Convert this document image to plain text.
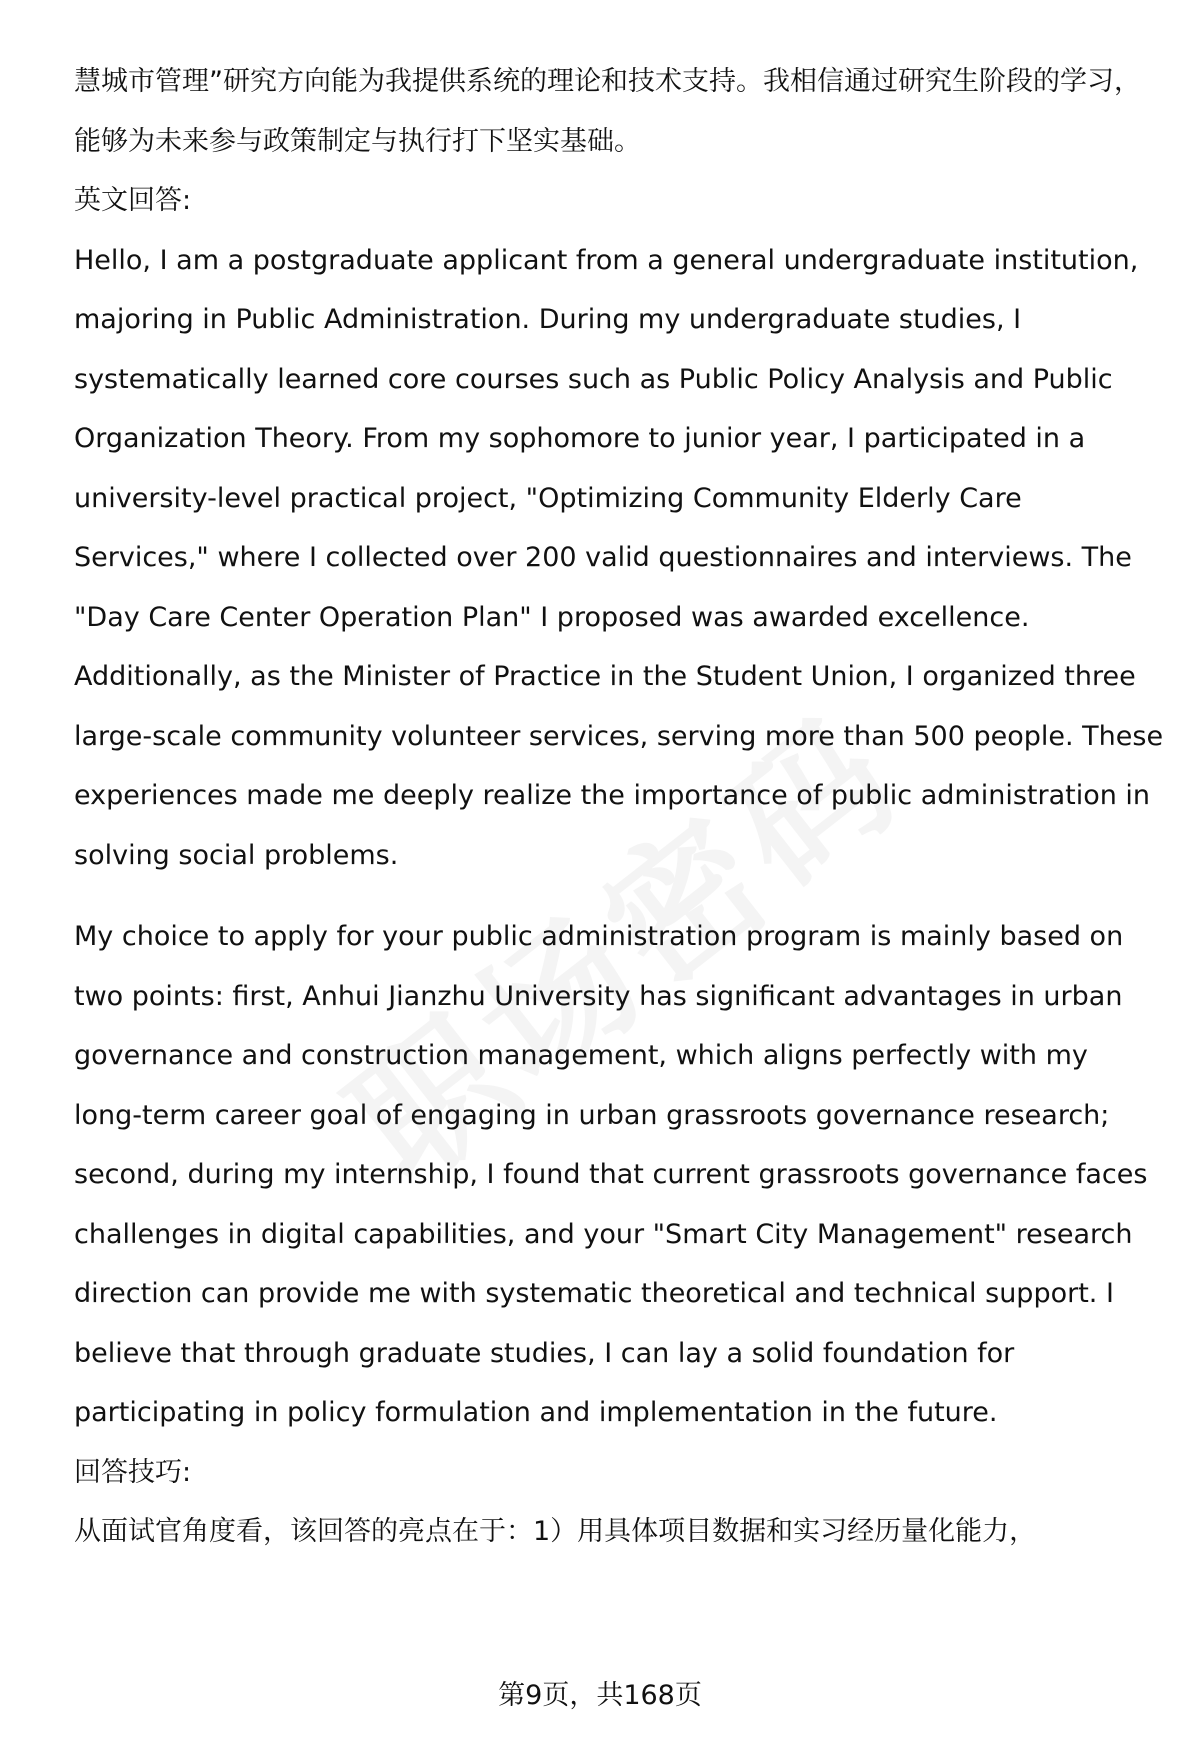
慧城市管理”研究方向能为我提供系统的理论和技术支持。我相信通过研究生阶段的学习，能够为未来参与政策制定与执行打下坚实基础。

英文回答:

Hello, I am a postgraduate applicant from a general undergraduate institution, majoring in Public Administration. During my undergraduate studies, I systematically learned core courses such as Public Policy Analysis and Public Organization Theory. From my sophomore to junior year, I participated in a university-level practical project, "Optimizing Community Elderly Care Services," where I collected over 200 valid questionnaires and interviews. The "Day Care Center Operation Plan" I proposed was awarded excellence. Additionally, as the Minister of Practice in the Student Union, I organized three large-scale community volunteer services, serving more than 500 people. These experiences made me deeply realize the importance of public administration in solving social problems.

My choice to apply for your public administration program is mainly based on two points: first, Anhui Jianzhu University has significant advantages in urban governance and construction management, which aligns perfectly with my long-term career goal of engaging in urban grassroots governance research; second, during my internship, I found that current grassroots governance faces challenges in digital capabilities, and your "Smart City Management" research direction can provide me with systematic theoretical and technical support. I believe that through graduate studies, I can lay a solid foundation for participating in policy formulation and implementation in the future.

回答技巧:

从面试官角度看，该回答的亮点在于：1）用具体项目数据和实习经历量化能力，

第9页，共168页
